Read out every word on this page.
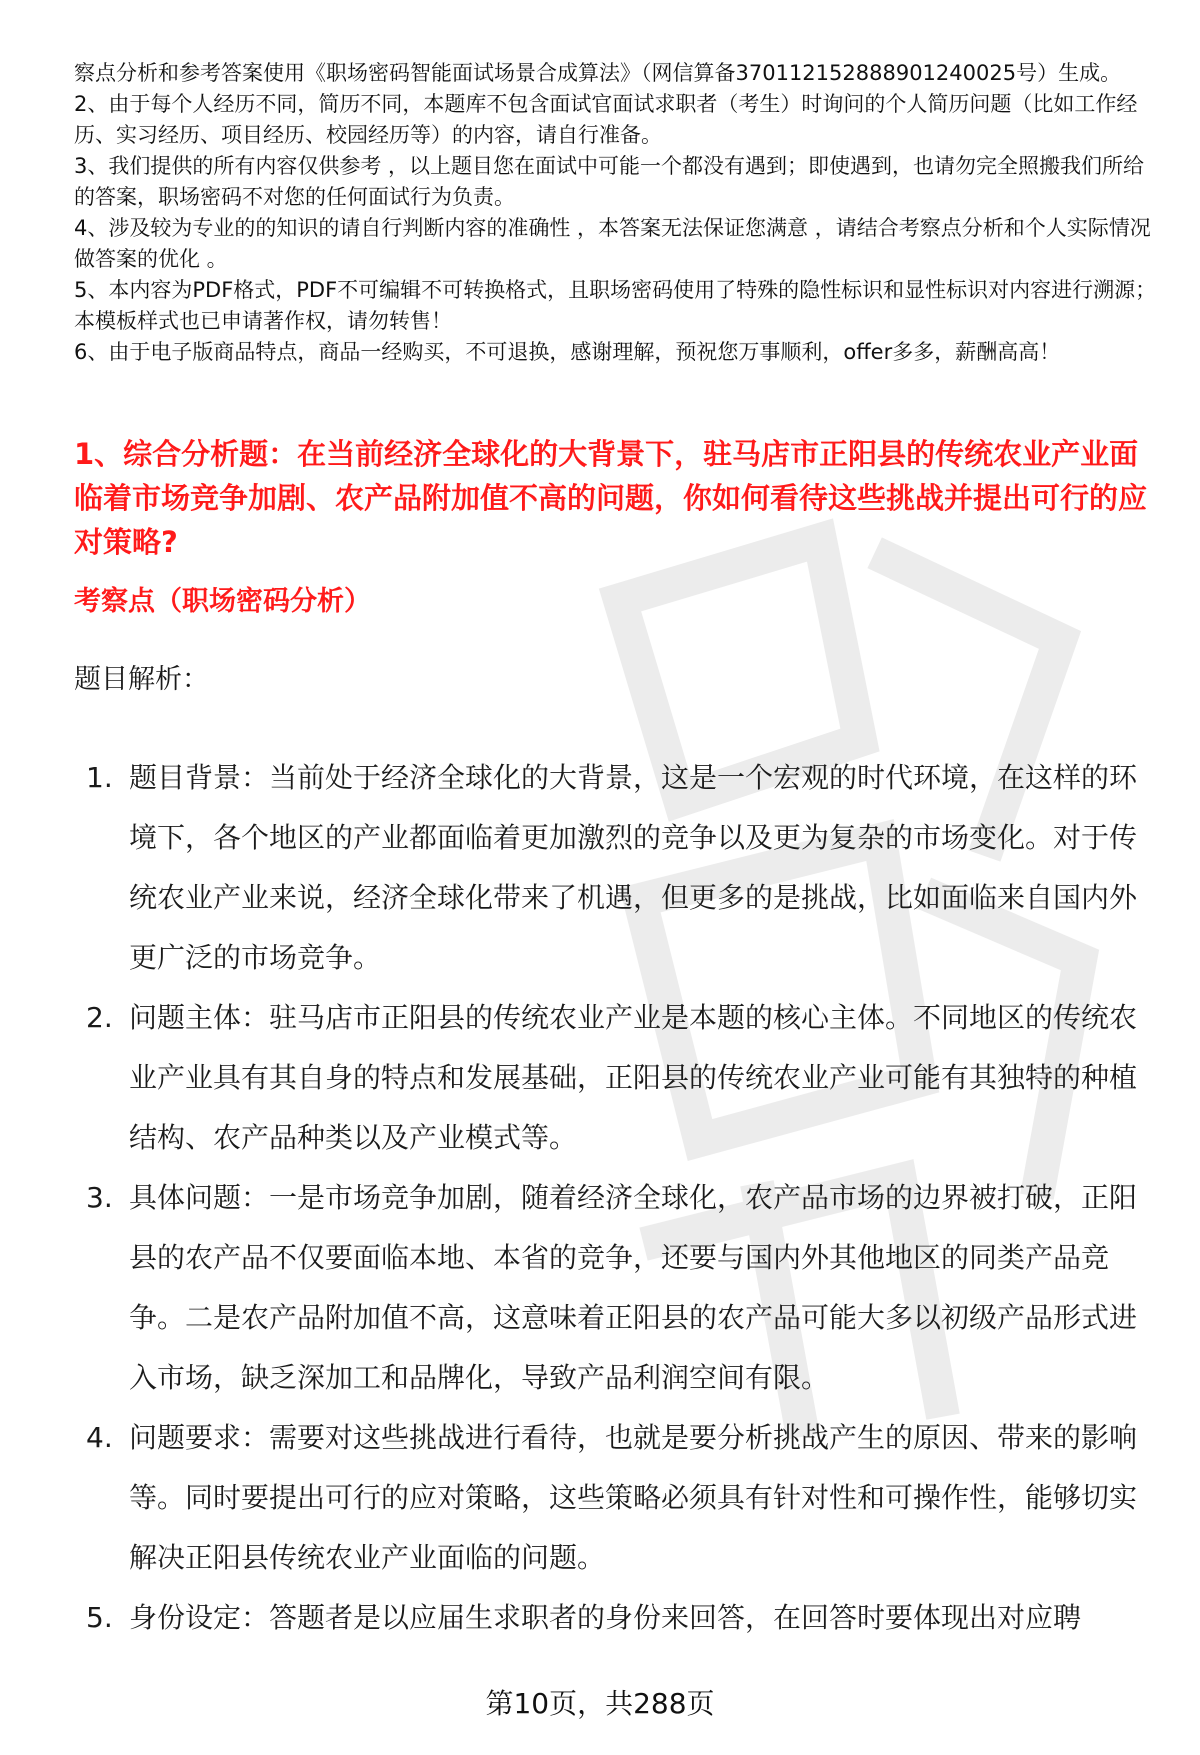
察点分析和参考答案使用《职场密码智能面试场景合成算法》（网信算备370112152888901240025号）生成。

2、由于每个人经历不同，简历不同，本题库不包含面试官面试求职者（考生）时询问的个人简历问题（比如工作经历、实习经历、项目经历、校园经历等）的内容，请自行准备。

3、我们提供的所有内容仅供参考 ，以上题目您在面试中可能一个都没有遇到；即使遇到，也请勿完全照搬我们所给的答案，职场密码不对您的任何面试行为负责。

4、涉及较为专业的的知识的请自行判断内容的准确性 ，本答案无法保证您满意 ，请结合考察点分析和个人实际情况做答案的优化 。

5、本内容为PDF格式，PDF不可编辑不可转换格式，且职场密码使用了特殊的隐性标识和显性标识对内容进行溯源；本模板样式也已申请著作权，请勿转售！

6、由于电子版商品特点，商品一经购买，不可退换，感谢理解，预祝您万事顺利，offer多多，薪酬高高！

1、综合分析题：在当前经济全球化的大背景下，驻马店市正阳县的传统农业产业面临着市场竞争加剧、农产品附加值不高的问题，你如何看待这些挑战并提出可行的应对策略?
考察点（职场密码分析）

题目解析：

1. 题目背景：当前处于经济全球化的大背景，这是一个宏观的时代环境，在这样的环境下，各个地区的产业都面临着更加激烈的竞争以及更为复杂的市场变化。对于传统农业产业来说，经济全球化带来了机遇，但更多的是挑战，比如面临来自国内外更广泛的市场竞争。
2. 问题主体：驻马店市正阳县的传统农业产业是本题的核心主体。不同地区的传统农业产业具有其自身的特点和发展基础，正阳县的传统农业产业可能有其独特的种植结构、农产品种类以及产业模式等。
3. 具体问题：一是市场竞争加剧，随着经济全球化，农产品市场的边界被打破，正阳县的农产品不仅要面临本地、本省的竞争，还要与国内外其他地区的同类产品竞争。二是农产品附加值不高，这意味着正阳县的农产品可能大多以初级产品形式进入市场，缺乏深加工和品牌化，导致产品利润空间有限。
4. 问题要求：需要对这些挑战进行看待，也就是要分析挑战产生的原因、带来的影响等。同时要提出可行的应对策略，这些策略必须具有针对性和可操作性，能够切实解决正阳县传统农业产业面临的问题。
5. 身份设定：答题者是以应届生求职者的身份来回答，在回答时要体现出对应聘
第10页，共288页
